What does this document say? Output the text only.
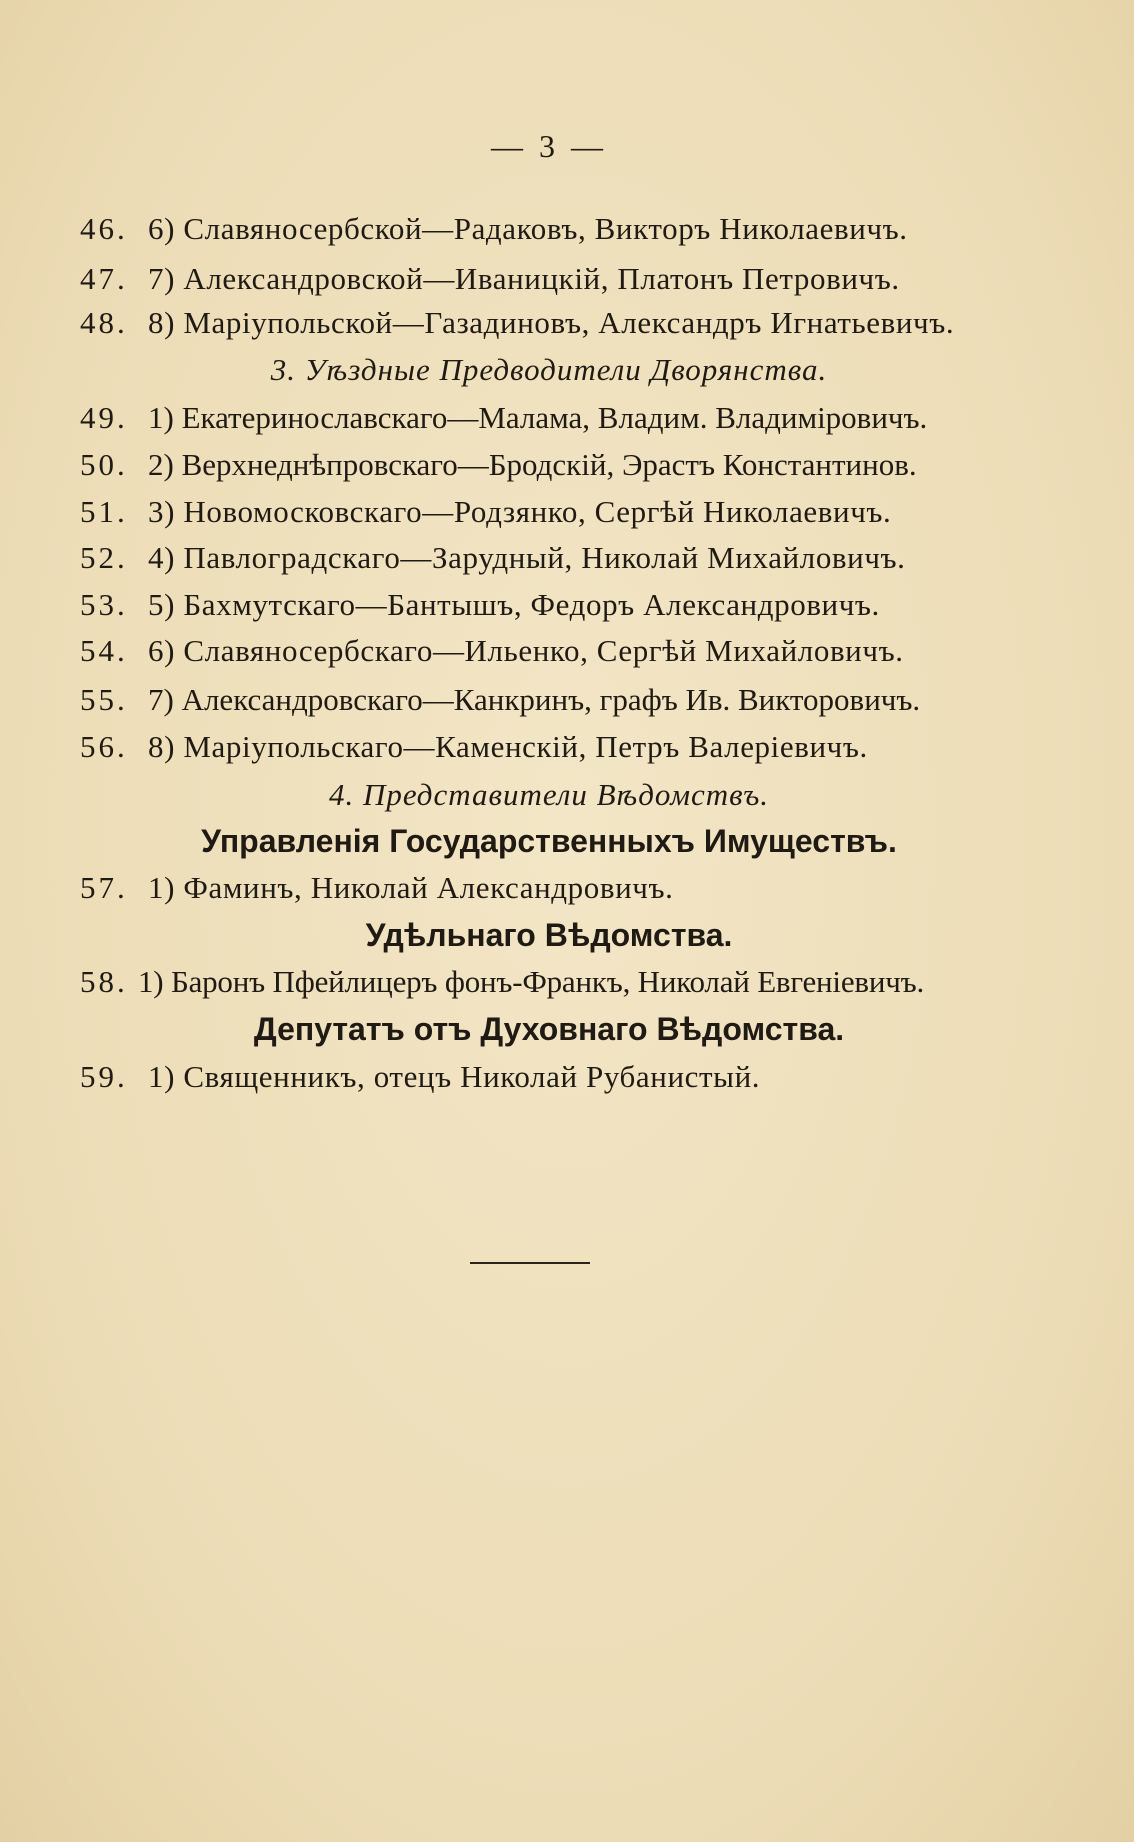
— 3 —
46. 6) Славяносербской—Радаковъ, Викторъ Николаевичъ.
47. 7) Александровской—Иваницкій, Платонъ Петровичъ.
48. 8) Маріупольской—Газадиновъ, Александръ Игнатьевичъ.
3. Уѣздные Предводители Дворянства.
49. 1) Екатеринославскаго—Малама, Владим. Владиміровичъ.
50. 2) Верхнеднѣпровскаго—Бродскій, Эрастъ Константинов.
51. 3) Новомосковскаго—Родзянко, Сергѣй Николаевичъ.
52. 4) Павлоградскаго—Зарудный, Николай Михайловичъ.
53. 5) Бахмутскаго—Бантышъ, Федоръ Александровичъ.
54. 6) Славяносербскаго—Ильенко, Сергѣй Михайловичъ.
55. 7) Александровскаго—Канкринъ, графъ Ив. Викторовичъ.
56. 8) Маріупольскаго—Каменскій, Петръ Валеріевичъ.
4. Представители Вѣдомствъ.
Управленія Государственныхъ Имуществъ.
57. 1) Фаминъ, Николай Александровичъ.
Удѣльнаго Вѣдомства.
58. 1) Баронъ Пфейлицеръ фонъ-Франкъ, Николай Евгеніевичъ.
Депутатъ отъ Духовнаго Вѣдомства.
59. 1) Священникъ, отецъ Николай Рубанистый.
